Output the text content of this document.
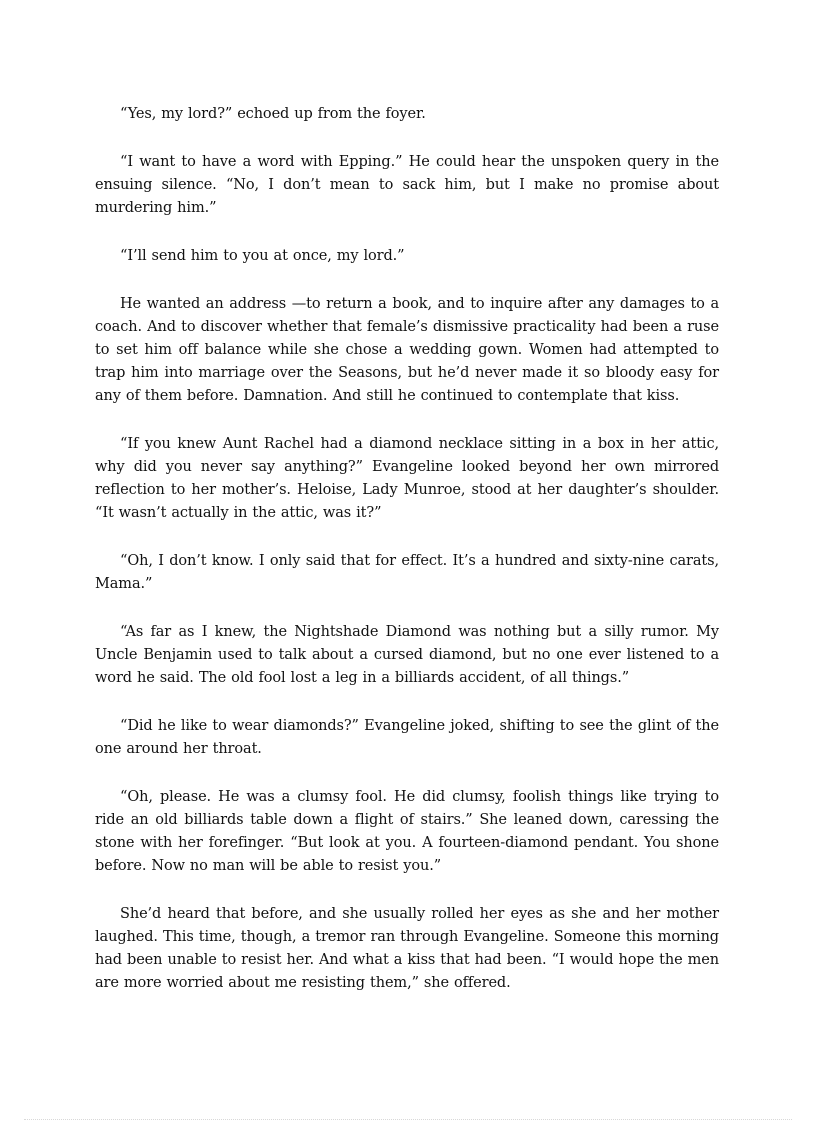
“Yes, my lord?” echoed up from the foyer.

“I want to have a word with Epping.” He could hear the unspoken query in the ensuing silence. “No, I don’t mean to sack him, but I make no promise about murdering him.”

“I’ll send him to you at once, my lord.”

He wanted an address —to return a book, and to inquire after any damages to a coach. And to discover whether that female’s dismissive practicality had been a ruse to set him off balance while she chose a wedding gown. Women had attempted to trap him into marriage over the Seasons, but he’d never made it so bloody easy for any of them before. Damnation. And still he continued to contemplate that kiss.

“If you knew Aunt Rachel had a diamond necklace sitting in a box in her attic, why did you never say anything?” Evangeline looked beyond her own mirrored reflection to her mother’s. Heloise, Lady Munroe, stood at her daughter’s shoulder. “It wasn’t actually in the attic, was it?”

“Oh, I don’t know. I only said that for effect. It’s a hundred and sixty-nine carats, Mama.”

“As far as I knew, the Nightshade Diamond was nothing but a silly rumor. My Uncle Benjamin used to talk about a cursed diamond, but no one ever listened to a word he said. The old fool lost a leg in a billiards accident, of all things.”

“Did he like to wear diamonds?” Evangeline joked, shifting to see the glint of the one around her throat.

“Oh, please. He was a clumsy fool. He did clumsy, foolish things like trying to ride an old billiards table down a flight of stairs.” She leaned down, caressing the stone with her forefinger. “But look at you. A fourteen-diamond pendant. You shone before. Now no man will be able to resist you.”

She’d heard that before, and she usually rolled her eyes as she and her mother laughed. This time, though, a tremor ran through Evangeline. Someone this morning had been unable to resist her. And what a kiss that had been. “I would hope the men are more worried about me resisting them,” she offered.
